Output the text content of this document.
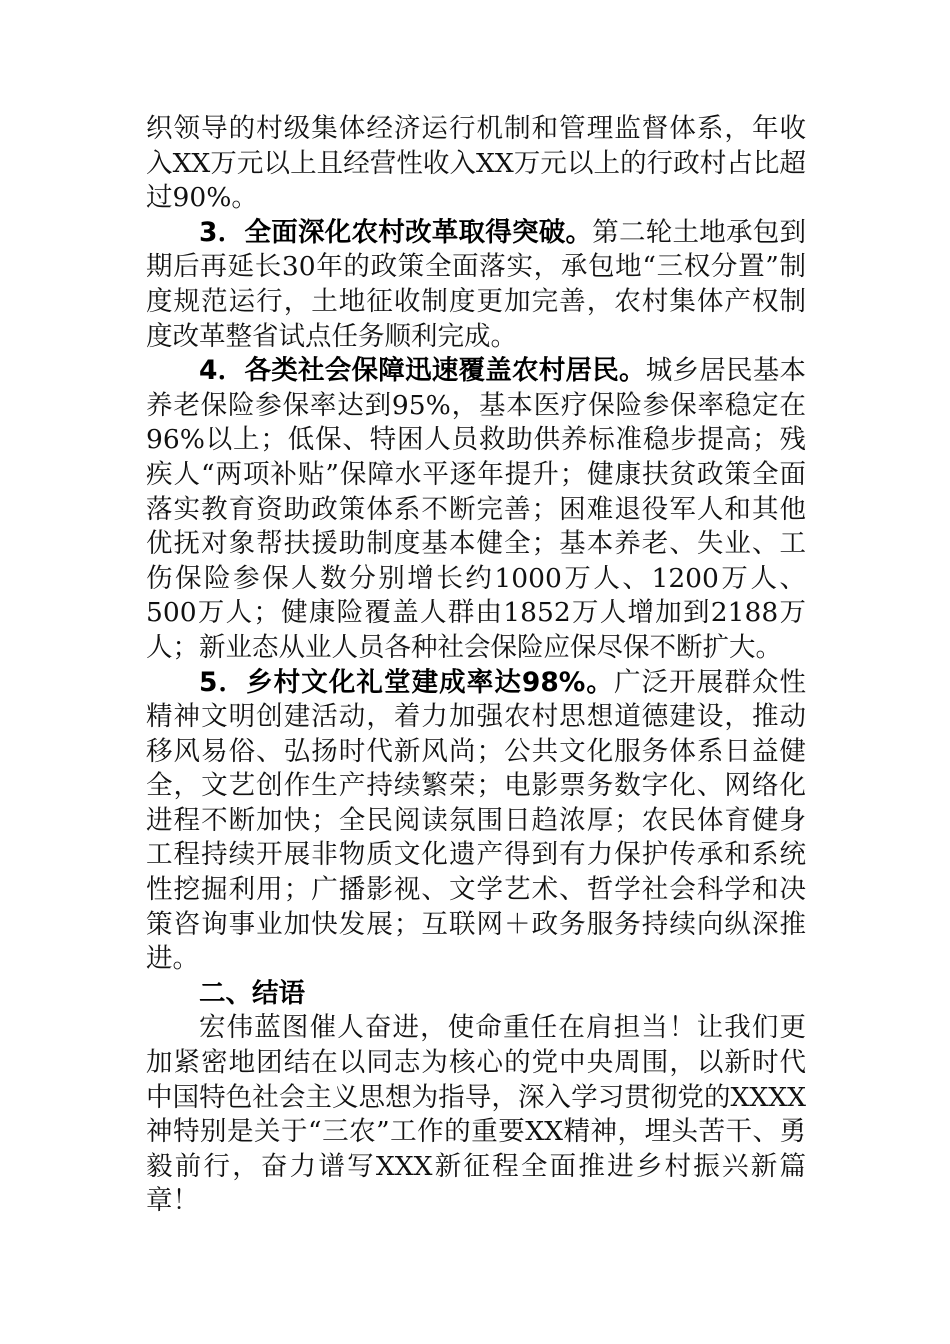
织领导的村级集体经济运行机制和管理监督体系，年收入XX万元以上且经营性收入XX万元以上的行政村占比超过90%。

3．全面深化农村改革取得突破。第二轮土地承包到期后再延长30年的政策全面落实，承包地“三权分置”制度规范运行，土地征收制度更加完善，农村集体产权制度改革整省试点任务顺利完成。

4．各类社会保障迅速覆盖农村居民。城乡居民基本养老保险参保率达到95%，基本医疗保险参保率稳定在96%以上；低保、特困人员救助供养标准稳步提高；残疾人“两项补贴”保障水平逐年提升；健康扶贫政策全面落实教育资助政策体系不断完善；困难退役军人和其他优抚对象帮扶援助制度基本健全；基本养老、失业、工伤保险参保人数分别增长约1000万人、1200万人、500万人；健康险覆盖人群由1852万人增加到2188万人；新业态从业人员各种社会保险应保尽保不断扩大。

5．乡村文化礼堂建成率达98%。广泛开展群众性精神文明创建活动，着力加强农村思想道德建设，推动移风易俗、弘扬时代新风尚；公共文化服务体系日益健全，文艺创作生产持续繁荣；电影票务数字化、网络化进程不断加快；全民阅读氛围日趋浓厚；农民体育健身工程持续开展非物质文化遗产得到有力保护传承和系统性挖掘利用；广播影视、文学艺术、哲学社会科学和决策咨询事业加快发展；互联网＋政务服务持续向纵深推进。

二、结语

宏伟蓝图催人奋进，使命重任在肩担当！让我们更加紧密地团结在以同志为核心的党中央周围，以新时代中国特色社会主义思想为指导，深入学习贯彻党的XXXX神特别是关于“三农”工作的重要XX精神，埋头苦干、勇毅前行，奋力谱写XXX新征程全面推进乡村振兴新篇章！
